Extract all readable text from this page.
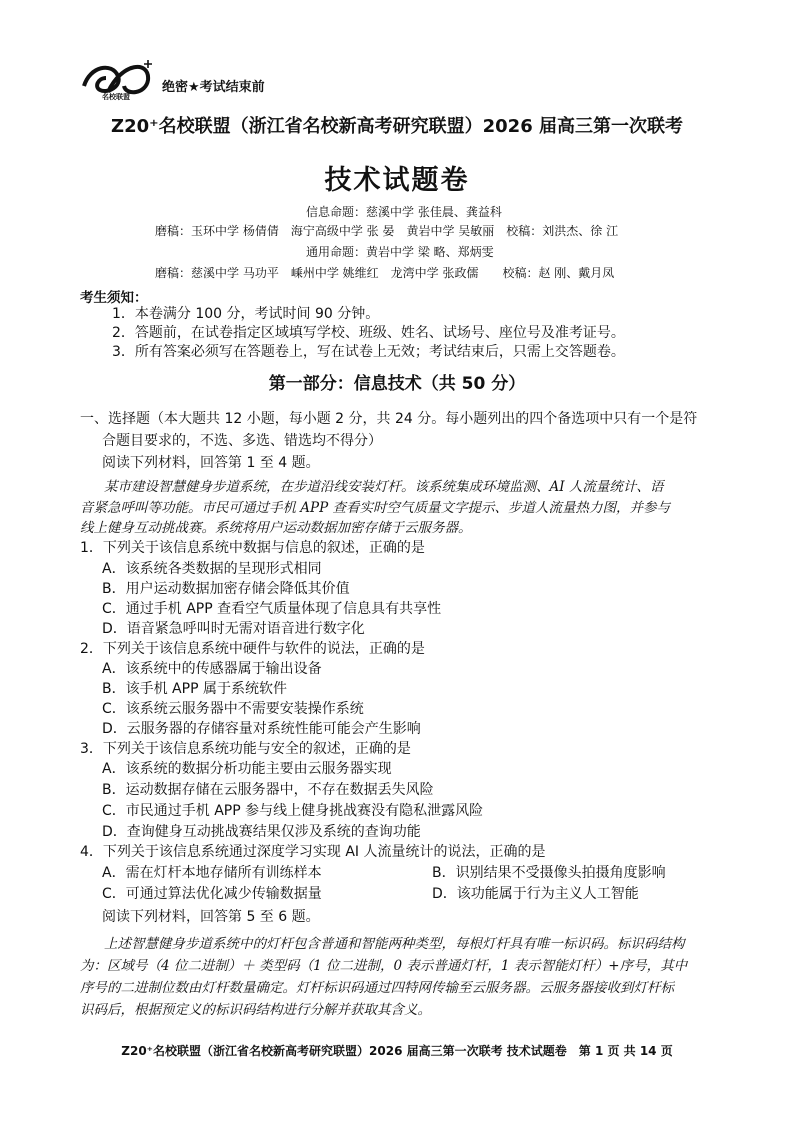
名校联盟
绝密★考试结束前
Z20⁺名校联盟（浙江省名校新高考研究联盟）2026 届高三第一次联考
技术试题卷
信息命题：慈溪中学 张佳晨、龚益科
磨稿：玉环中学 杨倩倩　海宁高级中学 张 晏　黄岩中学 吴敏丽　校稿：刘洪杰、徐 江
通用命题：黄岩中学 梁 略、郑炳雯
磨稿：慈溪中学 马功平　嵊州中学 姚维红　龙湾中学 张政儒　　校稿：赵 刚、戴月凤
考生须知：
1．本卷满分 100 分，考试时间 90 分钟。
2．答题前，在试卷指定区域填写学校、班级、姓名、试场号、座位号及准考证号。
3．所有答案必须写在答题卷上，写在试卷上无效；考试结束后，只需上交答题卷。
第一部分：信息技术（共 50 分）
一、选择题（本大题共 12 小题，每小题 2 分，共 24 分。每小题列出的四个备选项中只有一个是符
合题目要求的，不选、多选、错选均不得分）
阅读下列材料，回答第 1 至 4 题。
某市建设智慧健身步道系统，在步道沿线安装灯杆。该系统集成环境监测、AI 人流量统计、语
音紧急呼叫等功能。市民可通过手机 APP 查看实时空气质量文字提示、步道人流量热力图，并参与
线上健身互动挑战赛。系统将用户运动数据加密存储于云服务器。
1．下列关于该信息系统中数据与信息的叙述，正确的是
A．该系统各类数据的呈现形式相同
B．用户运动数据加密存储会降低其价值
C．通过手机 APP 查看空气质量体现了信息具有共享性
D．语音紧急呼叫时无需对语音进行数字化
2．下列关于该信息系统中硬件与软件的说法，正确的是
A．该系统中的传感器属于输出设备
B．该手机 APP 属于系统软件
C．该系统云服务器中不需要安装操作系统
D．云服务器的存储容量对系统性能可能会产生影响
3．下列关于该信息系统功能与安全的叙述，正确的是
A．该系统的数据分析功能主要由云服务器实现
B．运动数据存储在云服务器中，不存在数据丢失风险
C．市民通过手机 APP 参与线上健身挑战赛没有隐私泄露风险
D．查询健身互动挑战赛结果仅涉及系统的查询功能
4．下列关于该信息系统通过深度学习实现 AI 人流量统计的说法，正确的是
A．需在灯杆本地存储所有训练样本	B．识别结果不受摄像头拍摄角度影响
C．可通过算法优化减少传输数据量	D．该功能属于行为主义人工智能
阅读下列材料，回答第 5 至 6 题。
上述智慧健身步道系统中的灯杆包含普通和智能两种类型，每根灯杆具有唯一标识码。标识码结构
为：区域号（4 位二进制）＋ 类型码（1 位二进制，0 表示普通灯杆，1 表示智能灯杆）+序号，其中
序号的二进制位数由灯杆数量确定。灯杆标识码通过四特网传输至云服务器。云服务器接收到灯杆标
识码后，根据预定义的标识码结构进行分解并获取其含义。
Z20⁺名校联盟（浙江省名校新高考研究联盟）2026 届高三第一次联考 技术试题卷　第 1 页 共 14 页
